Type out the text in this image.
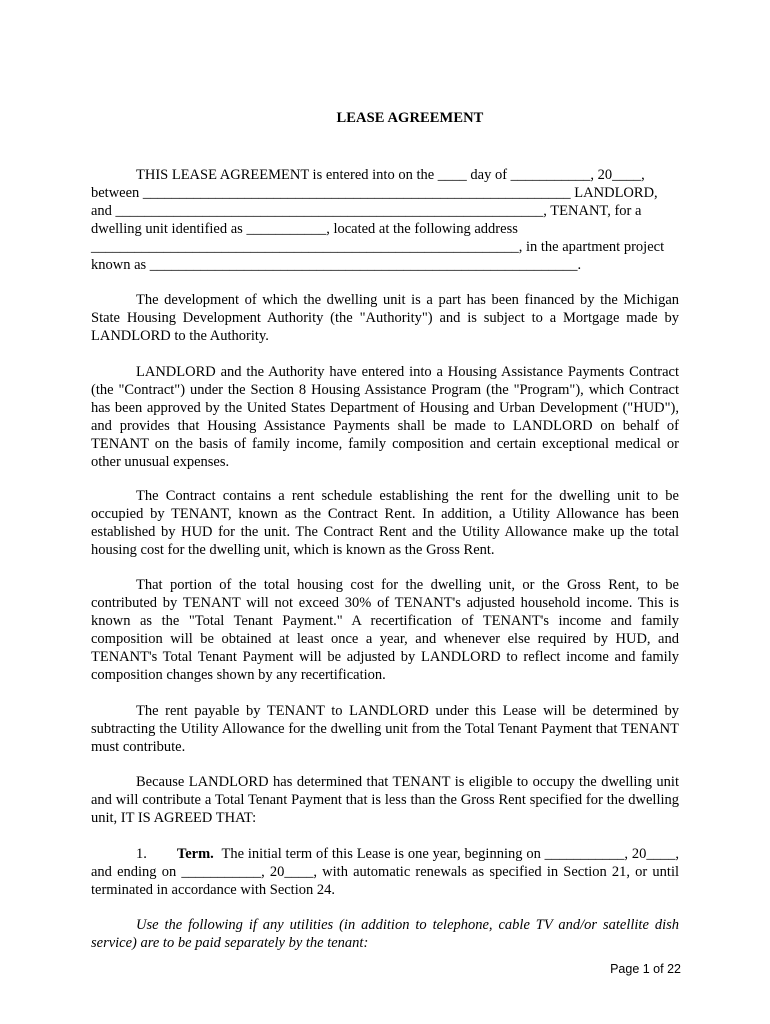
LEASE AGREEMENT
THIS LEASE AGREEMENT is entered into on the ____ day of ___________, 20____,
between ___________________________________________________________ LANDLORD,
and ___________________________________________________________, TENANT, for a
dwelling unit identified as ___________, located at the following address
___________________________________________________________, in the apartment project
known as ___________________________________________________________.

The development of which the dwelling unit is a part has been financed by the Michigan State Housing Development Authority (the "Authority") and is subject to a Mortgage made by LANDLORD to the Authority.

LANDLORD and the Authority have entered into a Housing Assistance Payments Contract (the "Contract") under the Section 8 Housing Assistance Program (the "Program"), which Contract has been approved by the United States Department of Housing and Urban Development ("HUD"), and provides that Housing Assistance Payments shall be made to LANDLORD on behalf of TENANT on the basis of family income, family composition and certain exceptional medical or other unusual expenses.

The Contract contains a rent schedule establishing the rent for the dwelling unit to be occupied by TENANT, known as the Contract Rent. In addition, a Utility Allowance has been established by HUD for the unit. The Contract Rent and the Utility Allowance make up the total housing cost for the dwelling unit, which is known as the Gross Rent.

That portion of the total housing cost for the dwelling unit, or the Gross Rent, to be contributed by TENANT will not exceed 30% of TENANT's adjusted household income. This is known as the "Total Tenant Payment." A recertification of TENANT's income and family composition will be obtained at least once a year, and whenever else required by HUD, and TENANT's Total Tenant Payment will be adjusted by LANDLORD to reflect income and family composition changes shown by any recertification.

The rent payable by TENANT to LANDLORD under this Lease will be determined by subtracting the Utility Allowance for the dwelling unit from the Total Tenant Payment that TENANT must contribute.

Because LANDLORD has determined that TENANT is eligible to occupy the dwelling unit and will contribute a Total Tenant Payment that is less than the Gross Rent specified for the dwelling unit, IT IS AGREED THAT:

1. Term. The initial term of this Lease is one year, beginning on ___________, 20____, and ending on ___________, 20____, with automatic renewals as specified in Section 21, or until terminated in accordance with Section 24.

Use the following if any utilities (in addition to telephone, cable TV and/or satellite dish service) are to be paid separately by the tenant:

Page 1 of 22
